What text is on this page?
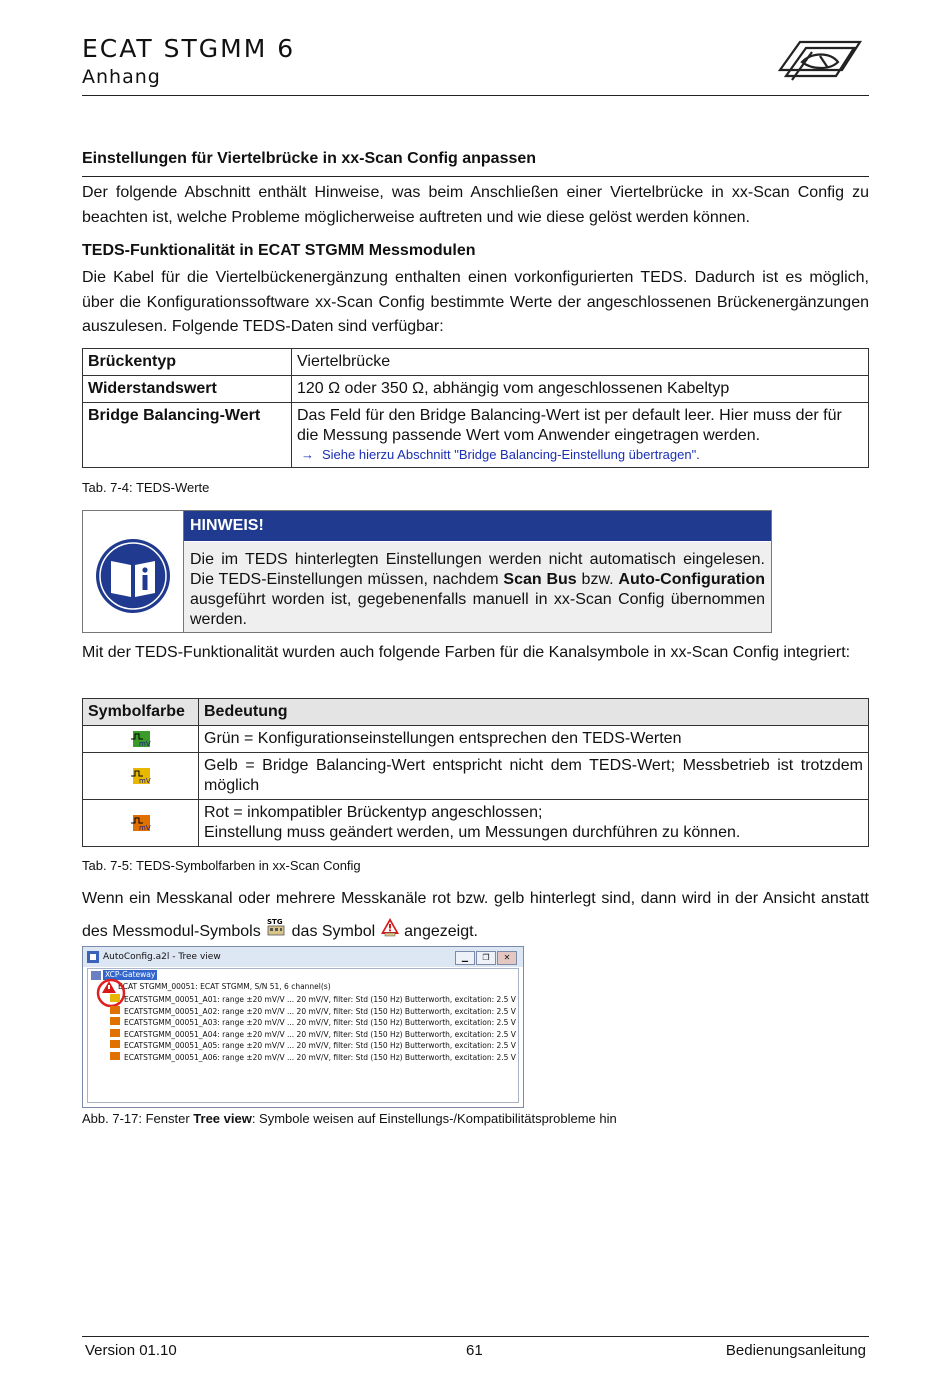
ECAT STGMM 6
Anhang
Einstellungen für Viertelbrücke in xx-Scan Config anpassen
Der folgende Abschnitt enthält Hinweise, was beim Anschließen einer Viertelbrücke in xx-Scan Config zu beachten ist, welche Probleme möglicherweise auftreten und wie diese gelöst werden können.
TEDS-Funktionalität in ECAT STGMM Messmodulen
Die Kabel für die Viertelbückenergänzung enthalten einen vorkonfigurierten TEDS. Dadurch ist es möglich, über die Konfigurationssoftware xx-Scan Config bestimmte Werte der angeschlossenen Brückenergänzungen auszulesen. Folgende TEDS-Daten sind verfügbar:
Brückentyp	Viertelbrücke
Widerstandswert	120 Ω oder 350 Ω, abhängig vom angeschlossenen Kabeltyp
Bridge Balancing-Wert	Das Feld für den Bridge Balancing-Wert ist per default leer. Hier muss der für die Messung passende Wert vom Anwender eingetragen werden.
→ Siehe hierzu Abschnitt "Bridge Balancing-Einstellung übertragen".
Tab. 7-4: TEDS-Werte
HINWEIS!
Die im TEDS hinterlegten Einstellungen werden nicht automatisch eingelesen. Die TEDS-Einstellungen müssen, nachdem Scan Bus bzw. Auto-Configuration ausgeführt worden ist, gegebenenfalls manuell in xx-Scan Config übernommen werden.
Mit der TEDS-Funktionalität wurden auch folgende Farben für die Kanalsymbole in xx-Scan Config integriert:
Symbolfarbe	Bedeutung

mV	Grün = Konfigurationseinstellungen entsprechen den TEDS-Werten

mV	Gelb = Bridge Balancing-Wert entspricht nicht dem TEDS-Wert; Messbetrieb ist trotzdem möglich

mV	Rot = inkompatibler Brückentyp angeschlossen;
Einstellung muss geändert werden, um Messungen durchführen zu können.
Tab. 7-5: TEDS-Symbolfarben in xx-Scan Config
Wenn ein Messkanal oder mehrere Messkanäle rot bzw. gelb hinterlegt sind, dann wird in der Ansicht anstatt des Messmodul-Symbols
STG
das Symbol angezeigt.
AutoConfig.a2l - Tree view	▁	❐	✕
XCP-Gateway
ECAT STGMM_00051: ECAT STGMM, S/N 51, 6 channel(s)
ECATSTGMM_00051_A01: range ±20 mV/V ... 20 mV/V, filter: Std (150 Hz) Butterworth, excitation: 2.5 V
ECATSTGMM_00051_A02: range ±20 mV/V ... 20 mV/V, filter: Std (150 Hz) Butterworth, excitation: 2.5 V
ECATSTGMM_00051_A03: range ±20 mV/V ... 20 mV/V, filter: Std (150 Hz) Butterworth, excitation: 2.5 V
ECATSTGMM_00051_A04: range ±20 mV/V ... 20 mV/V, filter: Std (150 Hz) Butterworth, excitation: 2.5 V
ECATSTGMM_00051_A05: range ±20 mV/V ... 20 mV/V, filter: Std (150 Hz) Butterworth, excitation: 2.5 V
ECATSTGMM_00051_A06: range ±20 mV/V ... 20 mV/V, filter: Std (150 Hz) Butterworth, excitation: 2.5 V
Abb. 7-17: Fenster Tree view: Symbole weisen auf Einstellungs-/Kompatibilitätsprobleme hin
Version 01.10	61	Bedienungsanleitung
